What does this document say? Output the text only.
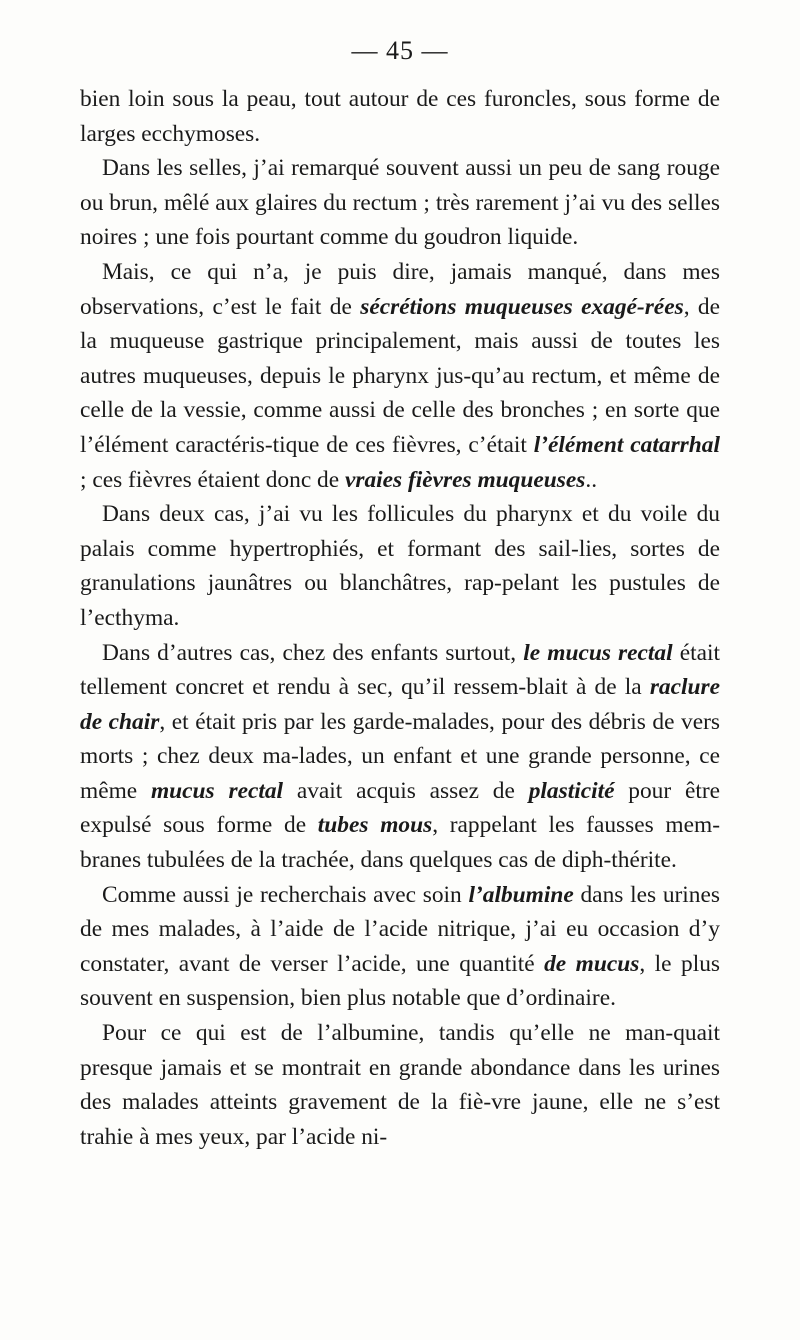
— 45 —

bien loin sous la peau, tout autour de ces furoncles, sous forme de larges ecchymoses.

Dans les selles, j’ai remarqué souvent aussi un peu de sang rouge ou brun, mêlé aux glaires du rectum ; très rarement j’ai vu des selles noires ; une fois pourtant comme du goudron liquide.

Mais, ce qui n’a, je puis dire, jamais manqué, dans mes observations, c’est le fait de sécrétions muqueuses exagé-rées, de la muqueuse gastrique principalement, mais aussi de toutes les autres muqueuses, depuis le pharynx jus-qu’au rectum, et même de celle de la vessie, comme aussi de celle des bronches ; en sorte que l’élément caractéris-tique de ces fièvres, c’était l’élément catarrhal ; ces fièvres étaient donc de vraies fièvres muqueuses..

Dans deux cas, j’ai vu les follicules du pharynx et du voile du palais comme hypertrophiés, et formant des sail-lies, sortes de granulations jaunâtres ou blanchâtres, rap-pelant les pustules de l’ecthyma.

Dans d’autres cas, chez des enfants surtout, le mucus rectal était tellement concret et rendu à sec, qu’il ressem-blait à de la raclure de chair, et était pris par les garde-malades, pour des débris de vers morts ; chez deux ma-lades, un enfant et une grande personne, ce même mucus rectal avait acquis assez de plasticité pour être expulsé sous forme de tubes mous, rappelant les fausses mem-branes tubulées de la trachée, dans quelques cas de diph-thérite.

Comme aussi je recherchais avec soin l’albumine dans les urines de mes malades, à l’aide de l’acide nitrique, j’ai eu occasion d’y constater, avant de verser l’acide, une quantité de mucus, le plus souvent en suspension, bien plus notable que d’ordinaire.

Pour ce qui est de l’albumine, tandis qu’elle ne man-quait presque jamais et se montrait en grande abondance dans les urines des malades atteints gravement de la fiè-vre jaune, elle ne s’est trahie à mes yeux, par l’acide ni-
